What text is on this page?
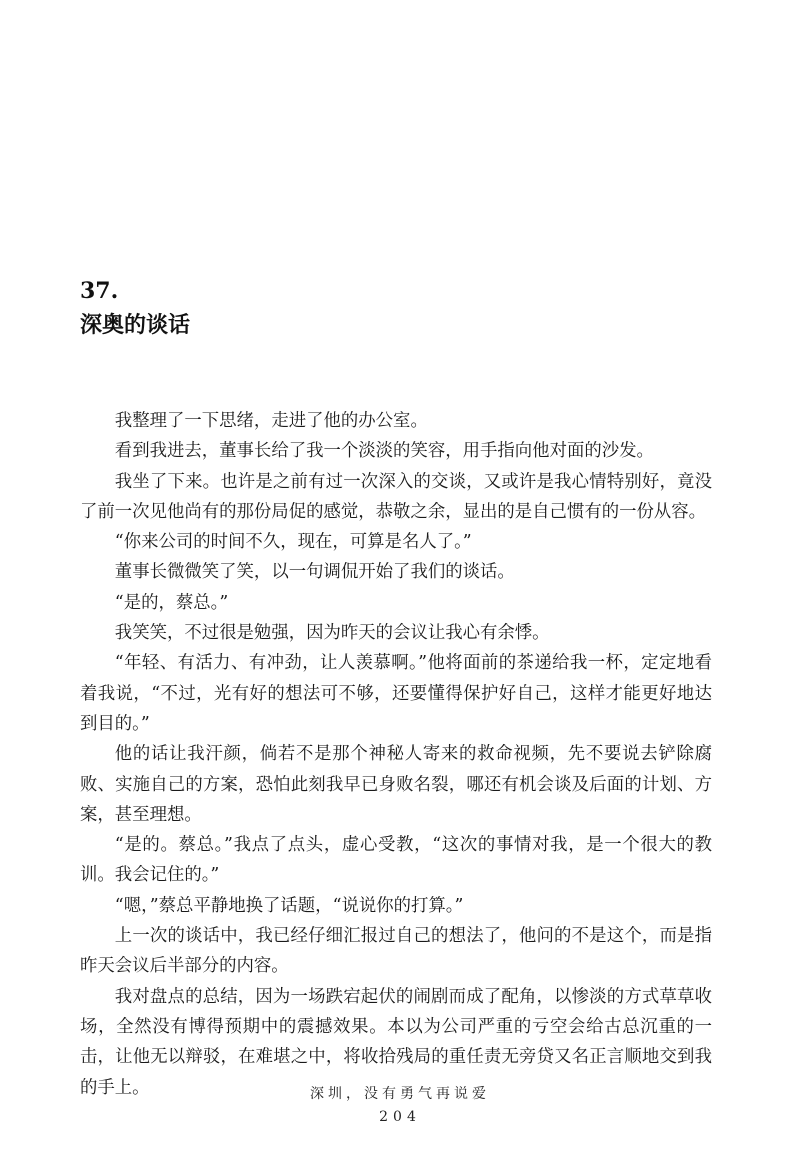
37.
深奥的谈话

我整理了一下思绪，走进了他的办公室。

看到我进去，董事长给了我一个淡淡的笑容，用手指向他对面的沙发。

我坐了下来。也许是之前有过一次深入的交谈，又或许是我心情特别好，竟没了前一次见他尚有的那份局促的感觉，恭敬之余，显出的是自己惯有的一份从容。

“你来公司的时间不久，现在，可算是名人了。”

董事长微微笑了笑，以一句调侃开始了我们的谈话。

“是的，蔡总。”

我笑笑，不过很是勉强，因为昨天的会议让我心有余悸。

“年轻、有活力、有冲劲，让人羡慕啊。”他将面前的茶递给我一杯，定定地看着我说，“不过，光有好的想法可不够，还要懂得保护好自己，这样才能更好地达到目的。”

他的话让我汗颜，倘若不是那个神秘人寄来的救命视频，先不要说去铲除腐败、实施自己的方案，恐怕此刻我早已身败名裂，哪还有机会谈及后面的计划、方案，甚至理想。

“是的。蔡总。”我点了点头，虚心受教，“这次的事情对我，是一个很大的教训。我会记住的。”

“嗯，”蔡总平静地换了话题，“说说你的打算。”

上一次的谈话中，我已经仔细汇报过自己的想法了，他问的不是这个，而是指昨天会议后半部分的内容。

我对盘点的总结，因为一场跌宕起伏的闹剧而成了配角，以惨淡的方式草草收场，全然没有博得预期中的震撼效果。本以为公司严重的亏空会给古总沉重的一击，让他无以辩驳，在难堪之中，将收拾残局的重任责无旁贷又名正言顺地交到我的手上。	深圳，没有勇气再说爱
204
